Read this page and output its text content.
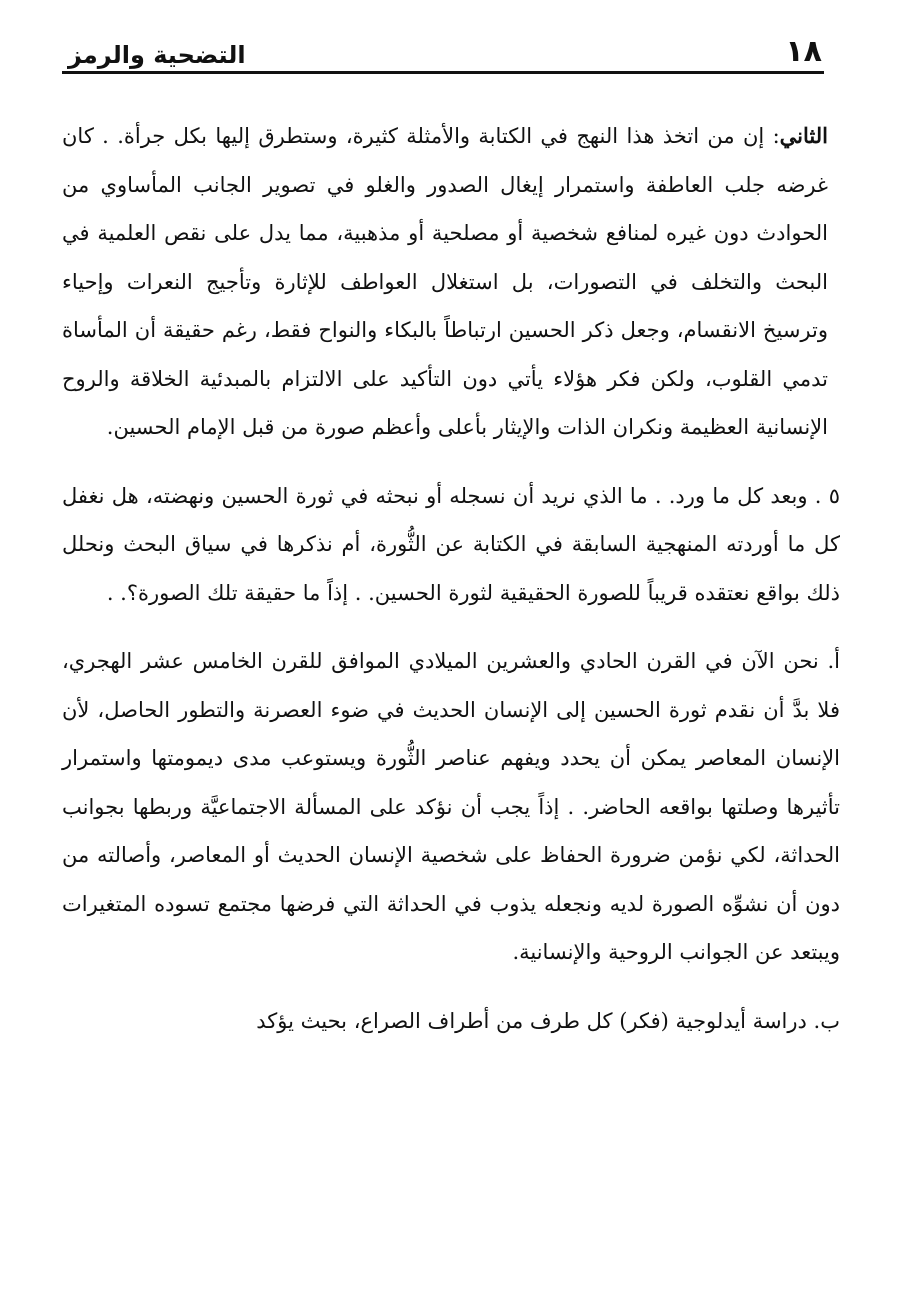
١٨
التضحية والرمز

الثاني: إن من اتخذ هذا النهج في الكتابة والأمثلة كثيرة، وستطرق إليها بكل جرأة. . كان غرضه جلب العاطفة واستمرار إيغال الصدور والغلو في تصوير الجانب المأساوي من الحوادث دون غيره لمنافع شخصية أو مصلحية أو مذهبية، مما يدل على نقص العلمية في البحث والتخلف في التصورات، بل استغلال العواطف للإثارة وتأجيج النعرات وإحياء وترسيخ الانقسام، وجعل ذكر الحسين ارتباطاً بالبكاء والنواح فقط، رغم حقيقة أن المأساة تدمي القلوب، ولكن فكر هؤلاء يأتي دون التأكيد على الالتزام بالمبدئية الخلاقة والروح الإنسانية العظيمة ونكران الذات والإيثار بأعلى وأعظم صورة من قبل الإمام الحسين.

٥ . وبعد كل ما ورد. . ما الذي نريد أن نسجله أو نبحثه في ثورة الحسين ونهضته، هل نغفل كل ما أوردته المنهجية السابقة في الكتابة عن الثُّورة، أم نذكرها في سياق البحث ونحلل ذلك بواقع نعتقده قريباً للصورة الحقيقية لثورة الحسين. . إذاً ما حقيقة تلك الصورة؟. .

أ. نحن الآن في القرن الحادي والعشرين الميلادي الموافق للقرن الخامس عشر الهجري، فلا بدَّ أن نقدم ثورة الحسين إلى الإنسان الحديث في ضوء العصرنة والتطور الحاصل، لأن الإنسان المعاصر يمكن أن يحدد ويفهم عناصر الثُّورة ويستوعب مدى ديمومتها واستمرار تأثيرها وصلتها بواقعه الحاضر. . إذاً يجب أن نؤكد على المسألة الاجتماعيَّة وربطها بجوانب الحداثة، لكي نؤمن ضرورة الحفاظ على شخصية الإنسان الحديث أو المعاصر، وأصالته من دون أن نشوِّه الصورة لديه ونجعله يذوب في الحداثة التي فرضها مجتمع تسوده المتغيرات ويبتعد عن الجوانب الروحية والإنسانية.

ب. دراسة أيدلوجية (فكر) كل طرف من أطراف الصراع، بحيث يؤكد
